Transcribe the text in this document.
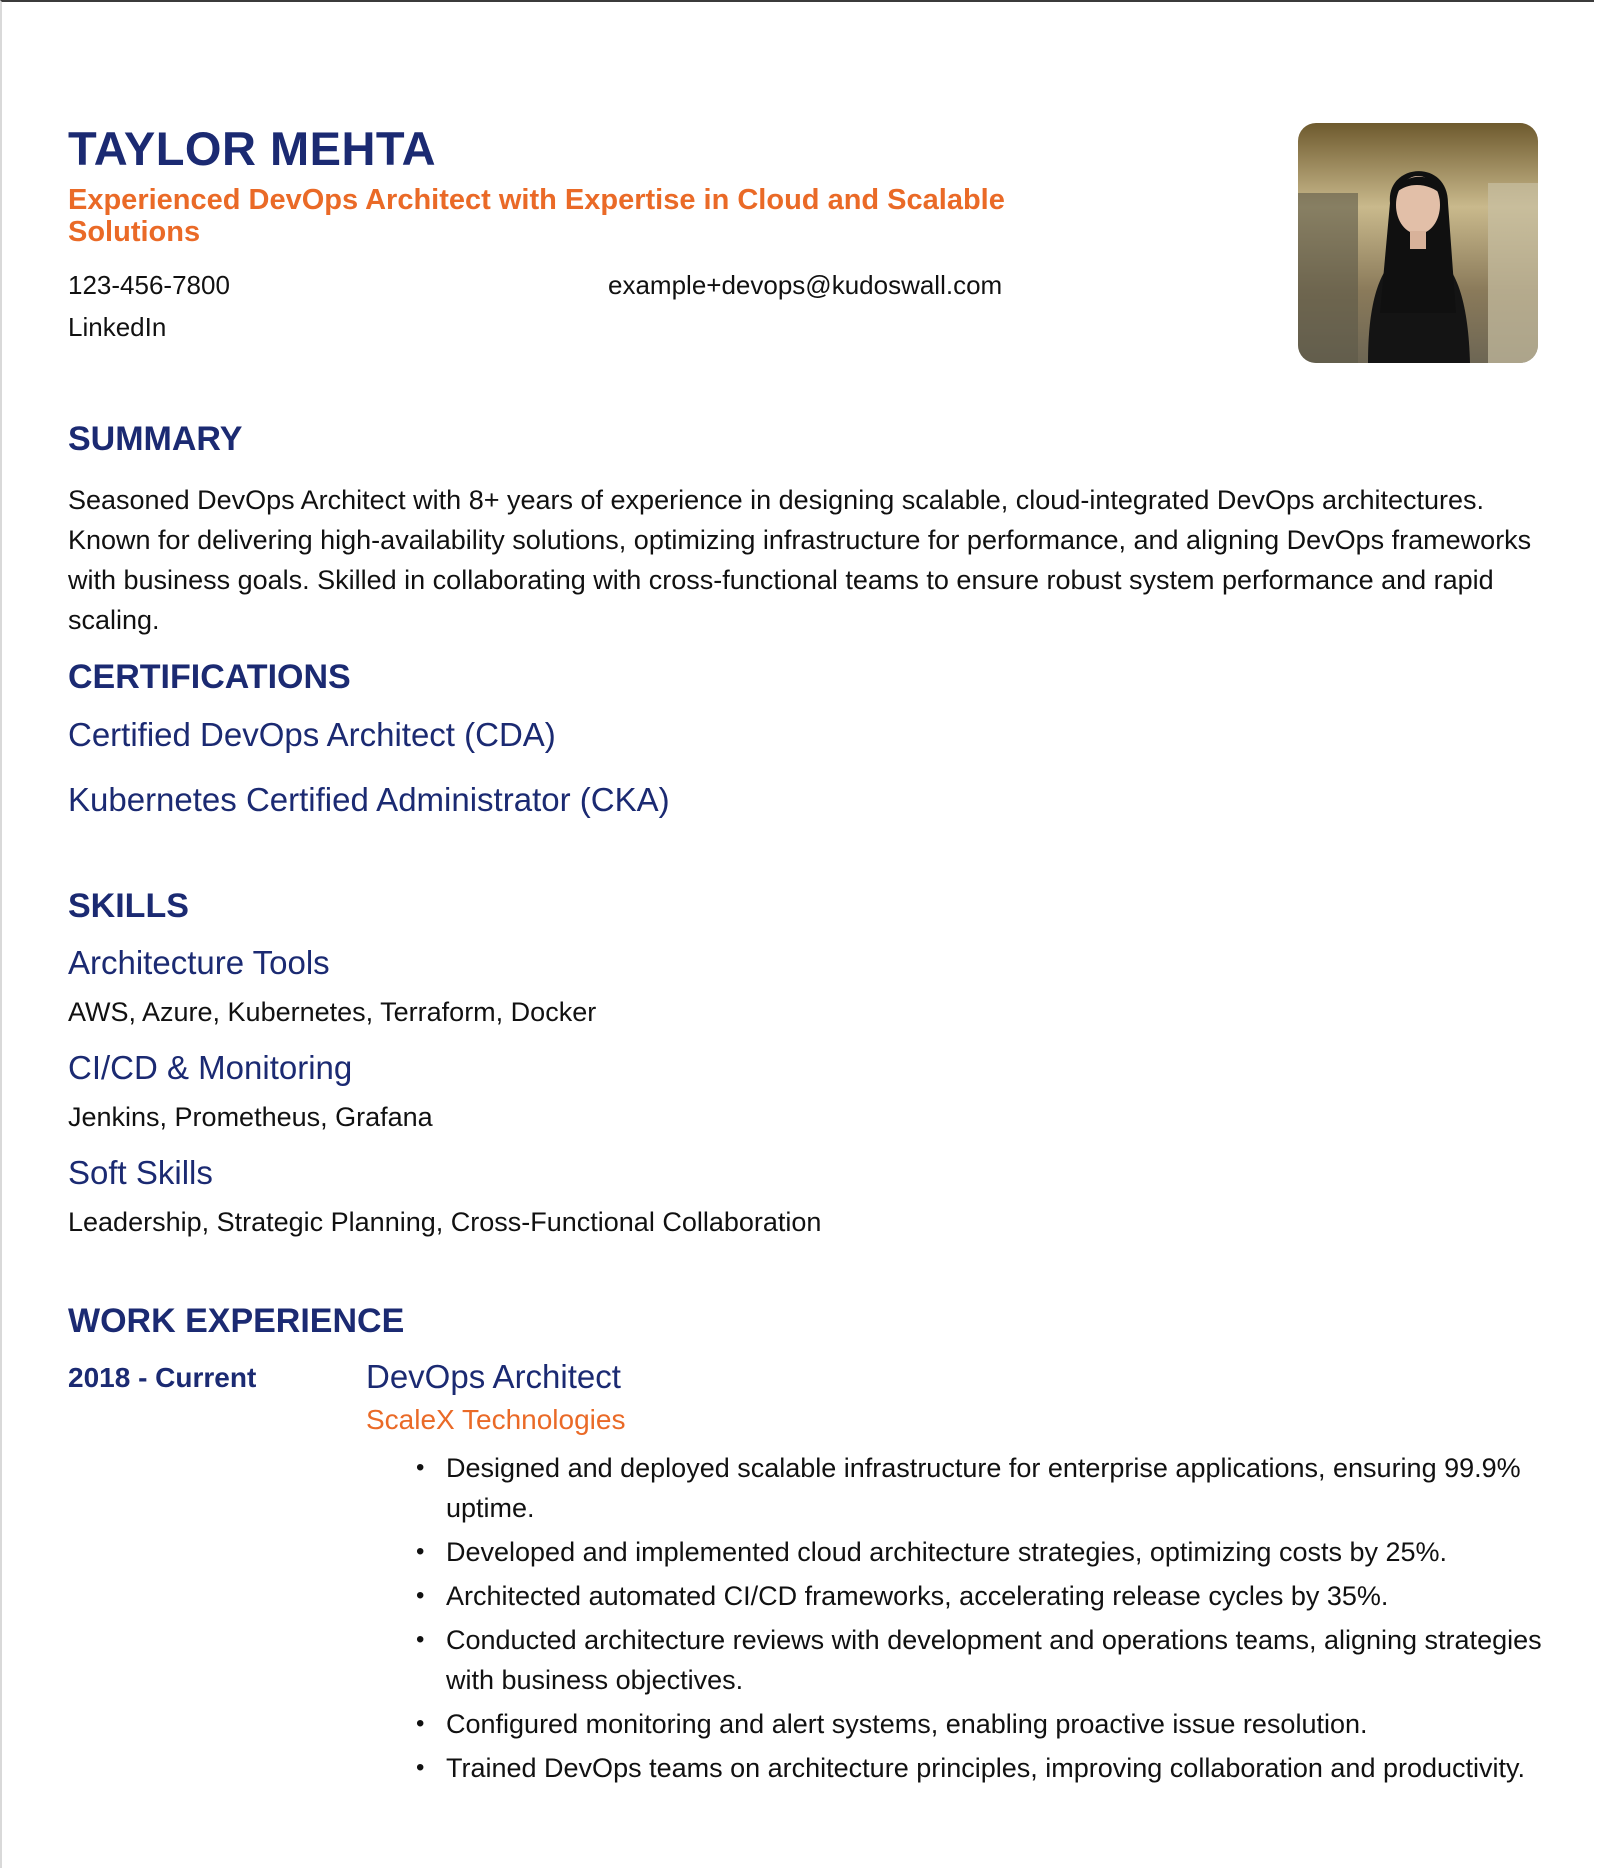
TAYLOR MEHTA
Experienced DevOps Architect with Expertise in Cloud and Scalable Solutions
123-456-7800	example+devops@kudoswall.com
LinkedIn
SUMMARY
Seasoned DevOps Architect with 8+ years of experience in designing scalable, cloud-integrated DevOps architectures. Known for delivering high-availability solutions, optimizing infrastructure for performance, and aligning DevOps frameworks with business goals. Skilled in collaborating with cross-functional teams to ensure robust system performance and rapid scaling.
CERTIFICATIONS
Certified DevOps Architect (CDA)
Kubernetes Certified Administrator (CKA)
SKILLS
Architecture Tools
AWS, Azure, Kubernetes, Terraform, Docker
CI/CD & Monitoring
Jenkins, Prometheus, Grafana
Soft Skills
Leadership, Strategic Planning, Cross-Functional Collaboration
WORK EXPERIENCE
2018 - Current	DevOps Architect
ScaleX Technologies
• Designed and deployed scalable infrastructure for enterprise applications, ensuring 99.9% uptime.
• Developed and implemented cloud architecture strategies, optimizing costs by 25%.
• Architected automated CI/CD frameworks, accelerating release cycles by 35%.
• Conducted architecture reviews with development and operations teams, aligning strategies with business objectives.
• Configured monitoring and alert systems, enabling proactive issue resolution.
• Trained DevOps teams on architecture principles, improving collaboration and productivity.
